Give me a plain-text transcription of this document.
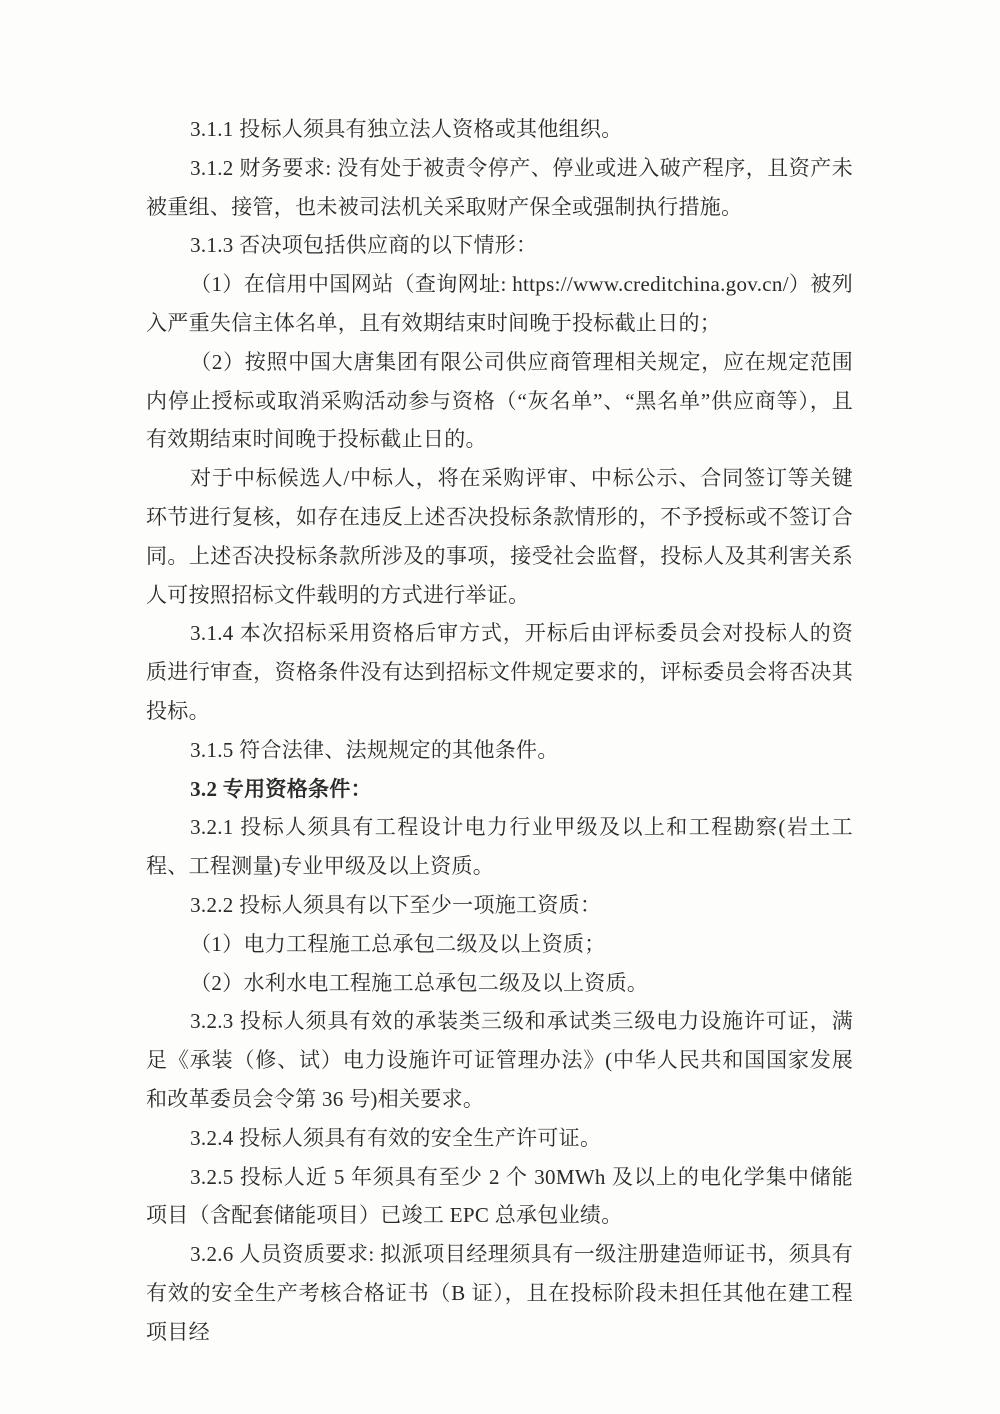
3.1.1 投标人须具有独立法人资格或其他组织。

3.1.2 财务要求: 没有处于被责令停产、停业或进入破产程序，且资产未被重组、接管，也未被司法机关采取财产保全或强制执行措施。

3.1.3 否决项包括供应商的以下情形：

（1）在信用中国网站（查询网址: https://www.creditchina.gov.cn/）被列入严重失信主体名单，且有效期结束时间晚于投标截止日的；

（2）按照中国大唐集团有限公司供应商管理相关规定，应在规定范围内停止授标或取消采购活动参与资格（“灰名单”、“黑名单”供应商等），且有效期结束时间晚于投标截止日的。

对于中标候选人/中标人，将在采购评审、中标公示、合同签订等关键环节进行复核，如存在违反上述否决投标条款情形的，不予授标或不签订合同。上述否决投标条款所涉及的事项，接受社会监督，投标人及其利害关系人可按照招标文件载明的方式进行举证。

3.1.4 本次招标采用资格后审方式，开标后由评标委员会对投标人的资质进行审查，资格条件没有达到招标文件规定要求的，评标委员会将否决其投标。

3.1.5 符合法律、法规规定的其他条件。

3.2 专用资格条件：

3.2.1 投标人须具有工程设计电力行业甲级及以上和工程勘察(岩土工程、工程测量)专业甲级及以上资质。

3.2.2 投标人须具有以下至少一项施工资质：

（1）电力工程施工总承包二级及以上资质；

（2）水利水电工程施工总承包二级及以上资质。

3.2.3 投标人须具有效的承装类三级和承试类三级电力设施许可证，满足《承装（修、试）电力设施许可证管理办法》(中华人民共和国国家发展和改革委员会令第 36 号)相关要求。

3.2.4 投标人须具有有效的安全生产许可证。

3.2.5 投标人近 5 年须具有至少 2 个 30MWh 及以上的电化学集中储能项目（含配套储能项目）已竣工 EPC 总承包业绩。

3.2.6 人员资质要求: 拟派项目经理须具有一级注册建造师证书，须具有有效的安全生产考核合格证书（B 证），且在投标阶段未担任其他在建工程项目经
